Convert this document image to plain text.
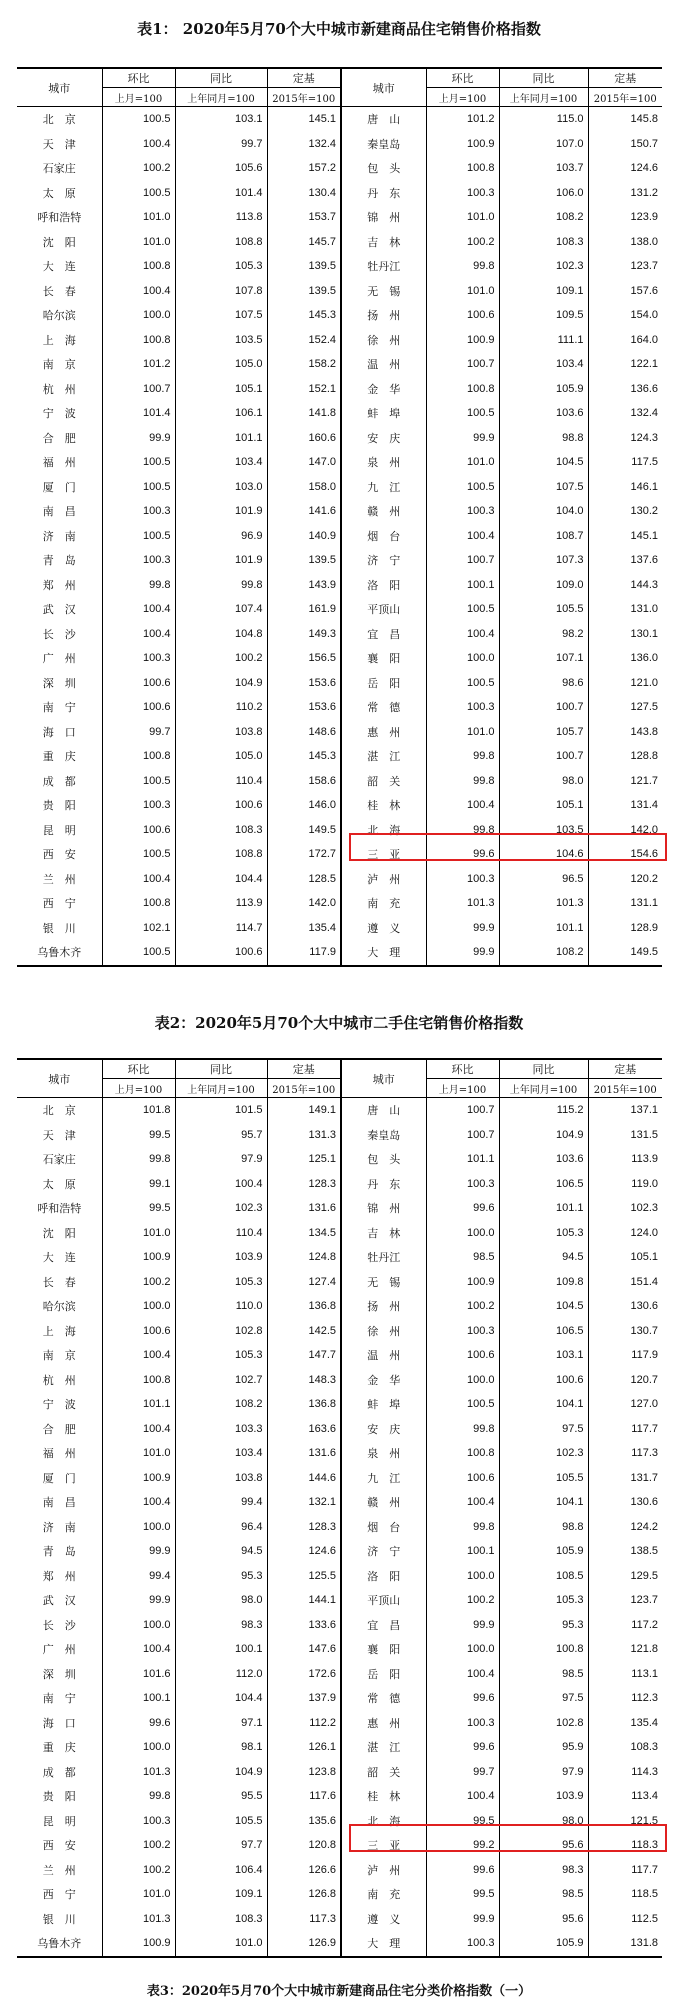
表1： 2020年5月70个大中城市新建商品住宅销售价格指数
城市	环比	同比	定基	城市	环比	同比	定基
	上月=100	上年同月=100	2015年=100		上月=100	上年同月=100	2015年=100
北　京	100.5	103.1	145.1	唐　山	101.2	115.0	145.8
天　津	100.4	99.7	132.4	秦皇岛	100.9	107.0	150.7
石家庄	100.2	105.6	157.2	包　头	100.8	103.7	124.6
太　原	100.5	101.4	130.4	丹　东	100.3	106.0	131.2
呼和浩特	101.0	113.8	153.7	锦　州	101.0	108.2	123.9
沈　阳	101.0	108.8	145.7	吉　林	100.2	108.3	138.0
大　连	100.8	105.3	139.5	牡丹江	99.8	102.3	123.7
长　春	100.4	107.8	139.5	无　锡	101.0	109.1	157.6
哈尔滨	100.0	107.5	145.3	扬　州	100.6	109.5	154.0
上　海	100.8	103.5	152.4	徐　州	100.9	111.1	164.0
南　京	101.2	105.0	158.2	温　州	100.7	103.4	122.1
杭　州	100.7	105.1	152.1	金　华	100.8	105.9	136.6
宁　波	101.4	106.1	141.8	蚌　埠	100.5	103.6	132.4
合　肥	99.9	101.1	160.6	安　庆	99.9	98.8	124.3
福　州	100.5	103.4	147.0	泉　州	101.0	104.5	117.5
厦　门	100.5	103.0	158.0	九　江	100.5	107.5	146.1
南　昌	100.3	101.9	141.6	赣　州	100.3	104.0	130.2
济　南	100.5	96.9	140.9	烟　台	100.4	108.7	145.1
青　岛	100.3	101.9	139.5	济　宁	100.7	107.3	137.6
郑　州	99.8	99.8	143.9	洛　阳	100.1	109.0	144.3
武　汉	100.4	107.4	161.9	平顶山	100.5	105.5	131.0
长　沙	100.4	104.8	149.3	宜　昌	100.4	98.2	130.1
广　州	100.3	100.2	156.5	襄　阳	100.0	107.1	136.0
深　圳	100.6	104.9	153.6	岳　阳	100.5	98.6	121.0
南　宁	100.6	110.2	153.6	常　德	100.3	100.7	127.5
海　口	99.7	103.8	148.6	惠　州	101.0	105.7	143.8
重　庆	100.8	105.0	145.3	湛　江	99.8	100.7	128.8
成　都	100.5	110.4	158.6	韶　关	99.8	98.0	121.7
贵　阳	100.3	100.6	146.0	桂　林	100.4	105.1	131.4
昆　明	100.6	108.3	149.5	北　海	99.8	103.5	142.0
西　安	100.5	108.8	172.7	三　亚	99.6	104.6	154.6
兰　州	100.4	104.4	128.5	泸　州	100.3	96.5	120.2
西　宁	100.8	113.9	142.0	南　充	101.3	101.3	131.1
银　川	102.1	114.7	135.4	遵　义	99.9	101.1	128.9
乌鲁木齐	100.5	100.6	117.9	大　理	99.9	108.2	149.5
表2：2020年5月70个大中城市二手住宅销售价格指数
城市	环比	同比	定基	城市	环比	同比	定基
	上月=100	上年同月=100	2015年=100		上月=100	上年同月=100	2015年=100
北　京	101.8	101.5	149.1	唐　山	100.7	115.2	137.1
天　津	99.5	95.7	131.3	秦皇岛	100.7	104.9	131.5
石家庄	99.8	97.9	125.1	包　头	101.1	103.6	113.9
太　原	99.1	100.4	128.3	丹　东	100.3	106.5	119.0
呼和浩特	99.5	102.3	131.6	锦　州	99.6	101.1	102.3
沈　阳	101.0	110.4	134.5	吉　林	100.0	105.3	124.0
大　连	100.9	103.9	124.8	牡丹江	98.5	94.5	105.1
长　春	100.2	105.3	127.4	无　锡	100.9	109.8	151.4
哈尔滨	100.0	110.0	136.8	扬　州	100.2	104.5	130.6
上　海	100.6	102.8	142.5	徐　州	100.3	106.5	130.7
南　京	100.4	105.3	147.7	温　州	100.6	103.1	117.9
杭　州	100.8	102.7	148.3	金　华	100.0	100.6	120.7
宁　波	101.1	108.2	136.8	蚌　埠	100.5	104.1	127.0
合　肥	100.4	103.3	163.6	安　庆	99.8	97.5	117.7
福　州	101.0	103.4	131.6	泉　州	100.8	102.3	117.3
厦　门	100.9	103.8	144.6	九　江	100.6	105.5	131.7
南　昌	100.4	99.4	132.1	赣　州	100.4	104.1	130.6
济　南	100.0	96.4	128.3	烟　台	99.8	98.8	124.2
青　岛	99.9	94.5	124.6	济　宁	100.1	105.9	138.5
郑　州	99.4	95.3	125.5	洛　阳	100.0	108.5	129.5
武　汉	99.9	98.0	144.1	平顶山	100.2	105.3	123.7
长　沙	100.0	98.3	133.6	宜　昌	99.9	95.3	117.2
广　州	100.4	100.1	147.6	襄　阳	100.0	100.8	121.8
深　圳	101.6	112.0	172.6	岳　阳	100.4	98.5	113.1
南　宁	100.1	104.4	137.9	常　德	99.6	97.5	112.3
海　口	99.6	97.1	112.2	惠　州	100.3	102.8	135.4
重　庆	100.0	98.1	126.1	湛　江	99.6	95.9	108.3
成　都	101.3	104.9	123.8	韶　关	99.7	97.9	114.3
贵　阳	99.8	95.5	117.6	桂　林	100.4	103.9	113.4
昆　明	100.3	105.5	135.6	北　海	99.5	98.0	121.5
西　安	100.2	97.7	120.8	三　亚	99.2	95.6	118.3
兰　州	100.2	106.4	126.6	泸　州	99.6	98.3	117.7
西　宁	101.0	109.1	126.8	南　充	99.5	98.5	118.5
银　川	101.3	108.3	117.3	遵　义	99.9	95.6	112.5
乌鲁木齐	100.9	101.0	126.9	大　理	100.3	105.9	131.8
表3：2020年5月70个大中城市新建商品住宅分类价格指数（一）
